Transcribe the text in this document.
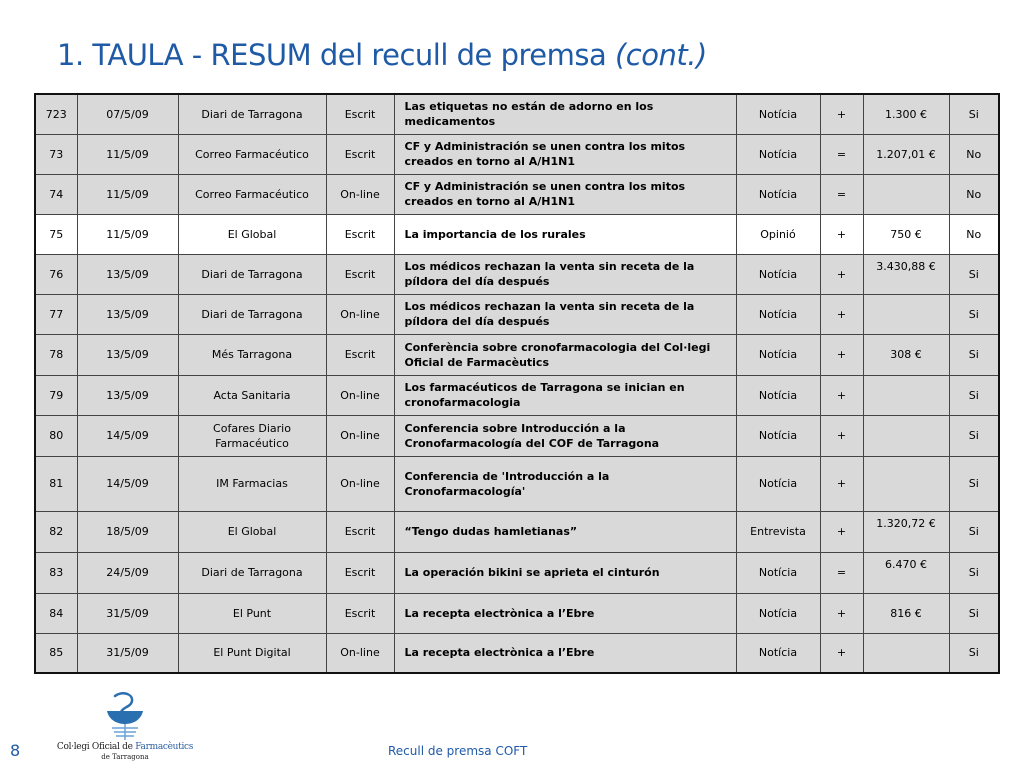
1. TAULA - RESUM del recull de premsa (cont.)
723	07/5/09	Diari de Tarragona	Escrit	Las etiquetas no están de adorno en los medicamentos	Notícia	+	1.300 €	Si
73	11/5/09	Correo Farmacéutico	Escrit	CF y Administración se unen contra los mitos creados en torno al A/H1N1	Notícia	=	1.207,01 €	No
74	11/5/09	Correo Farmacéutico	On-line	CF y Administración se unen contra los mitos creados en torno al A/H1N1	Notícia	=		No
75	11/5/09	El Global	Escrit	La importancia de los rurales	Opinió	+	750 €	No
76	13/5/09	Diari de Tarragona	Escrit	Los médicos rechazan la venta sin receta de la píldora del día después	Notícia	+	3.430,88 €	Si
77	13/5/09	Diari de Tarragona	On-line	Los médicos rechazan la venta sin receta de la píldora del día después	Notícia	+		Si
78	13/5/09	Més Tarragona	Escrit	Conferència sobre cronofarmacologia del Col·legi Oficial de Farmacèutics	Notícia	+	308 €	Si
79	13/5/09	Acta Sanitaria	On-line	Los farmacéuticos de Tarragona se inician en cronofarmacologia	Notícia	+		Si
80	14/5/09	Cofares Diario Farmacéutico	On-line	Conferencia sobre Introducción a la Cronofarmacología del COF de Tarragona	Notícia	+		Si
81	14/5/09	IM Farmacias	On-line	Conferencia de 'Introducción a la Cronofarmacología'	Notícia	+		Si
82	18/5/09	El Global	Escrit	“Tengo dudas hamletianas”	Entrevista	+	1.320,72 €	Si
83	24/5/09	Diari de Tarragona	Escrit	La operación bikini se aprieta el cinturón	Notícia	=	6.470 €	Si
84	31/5/09	El Punt	Escrit	La recepta electrònica a l’Ebre	Notícia	+	816 €	Si
85	31/5/09	El Punt Digital	On-line	La recepta electrònica a l’Ebre	Notícia	+		Si
8	Col·legi Oficial de Farmacèutics
de Tarragona	Recull de premsa COFT
